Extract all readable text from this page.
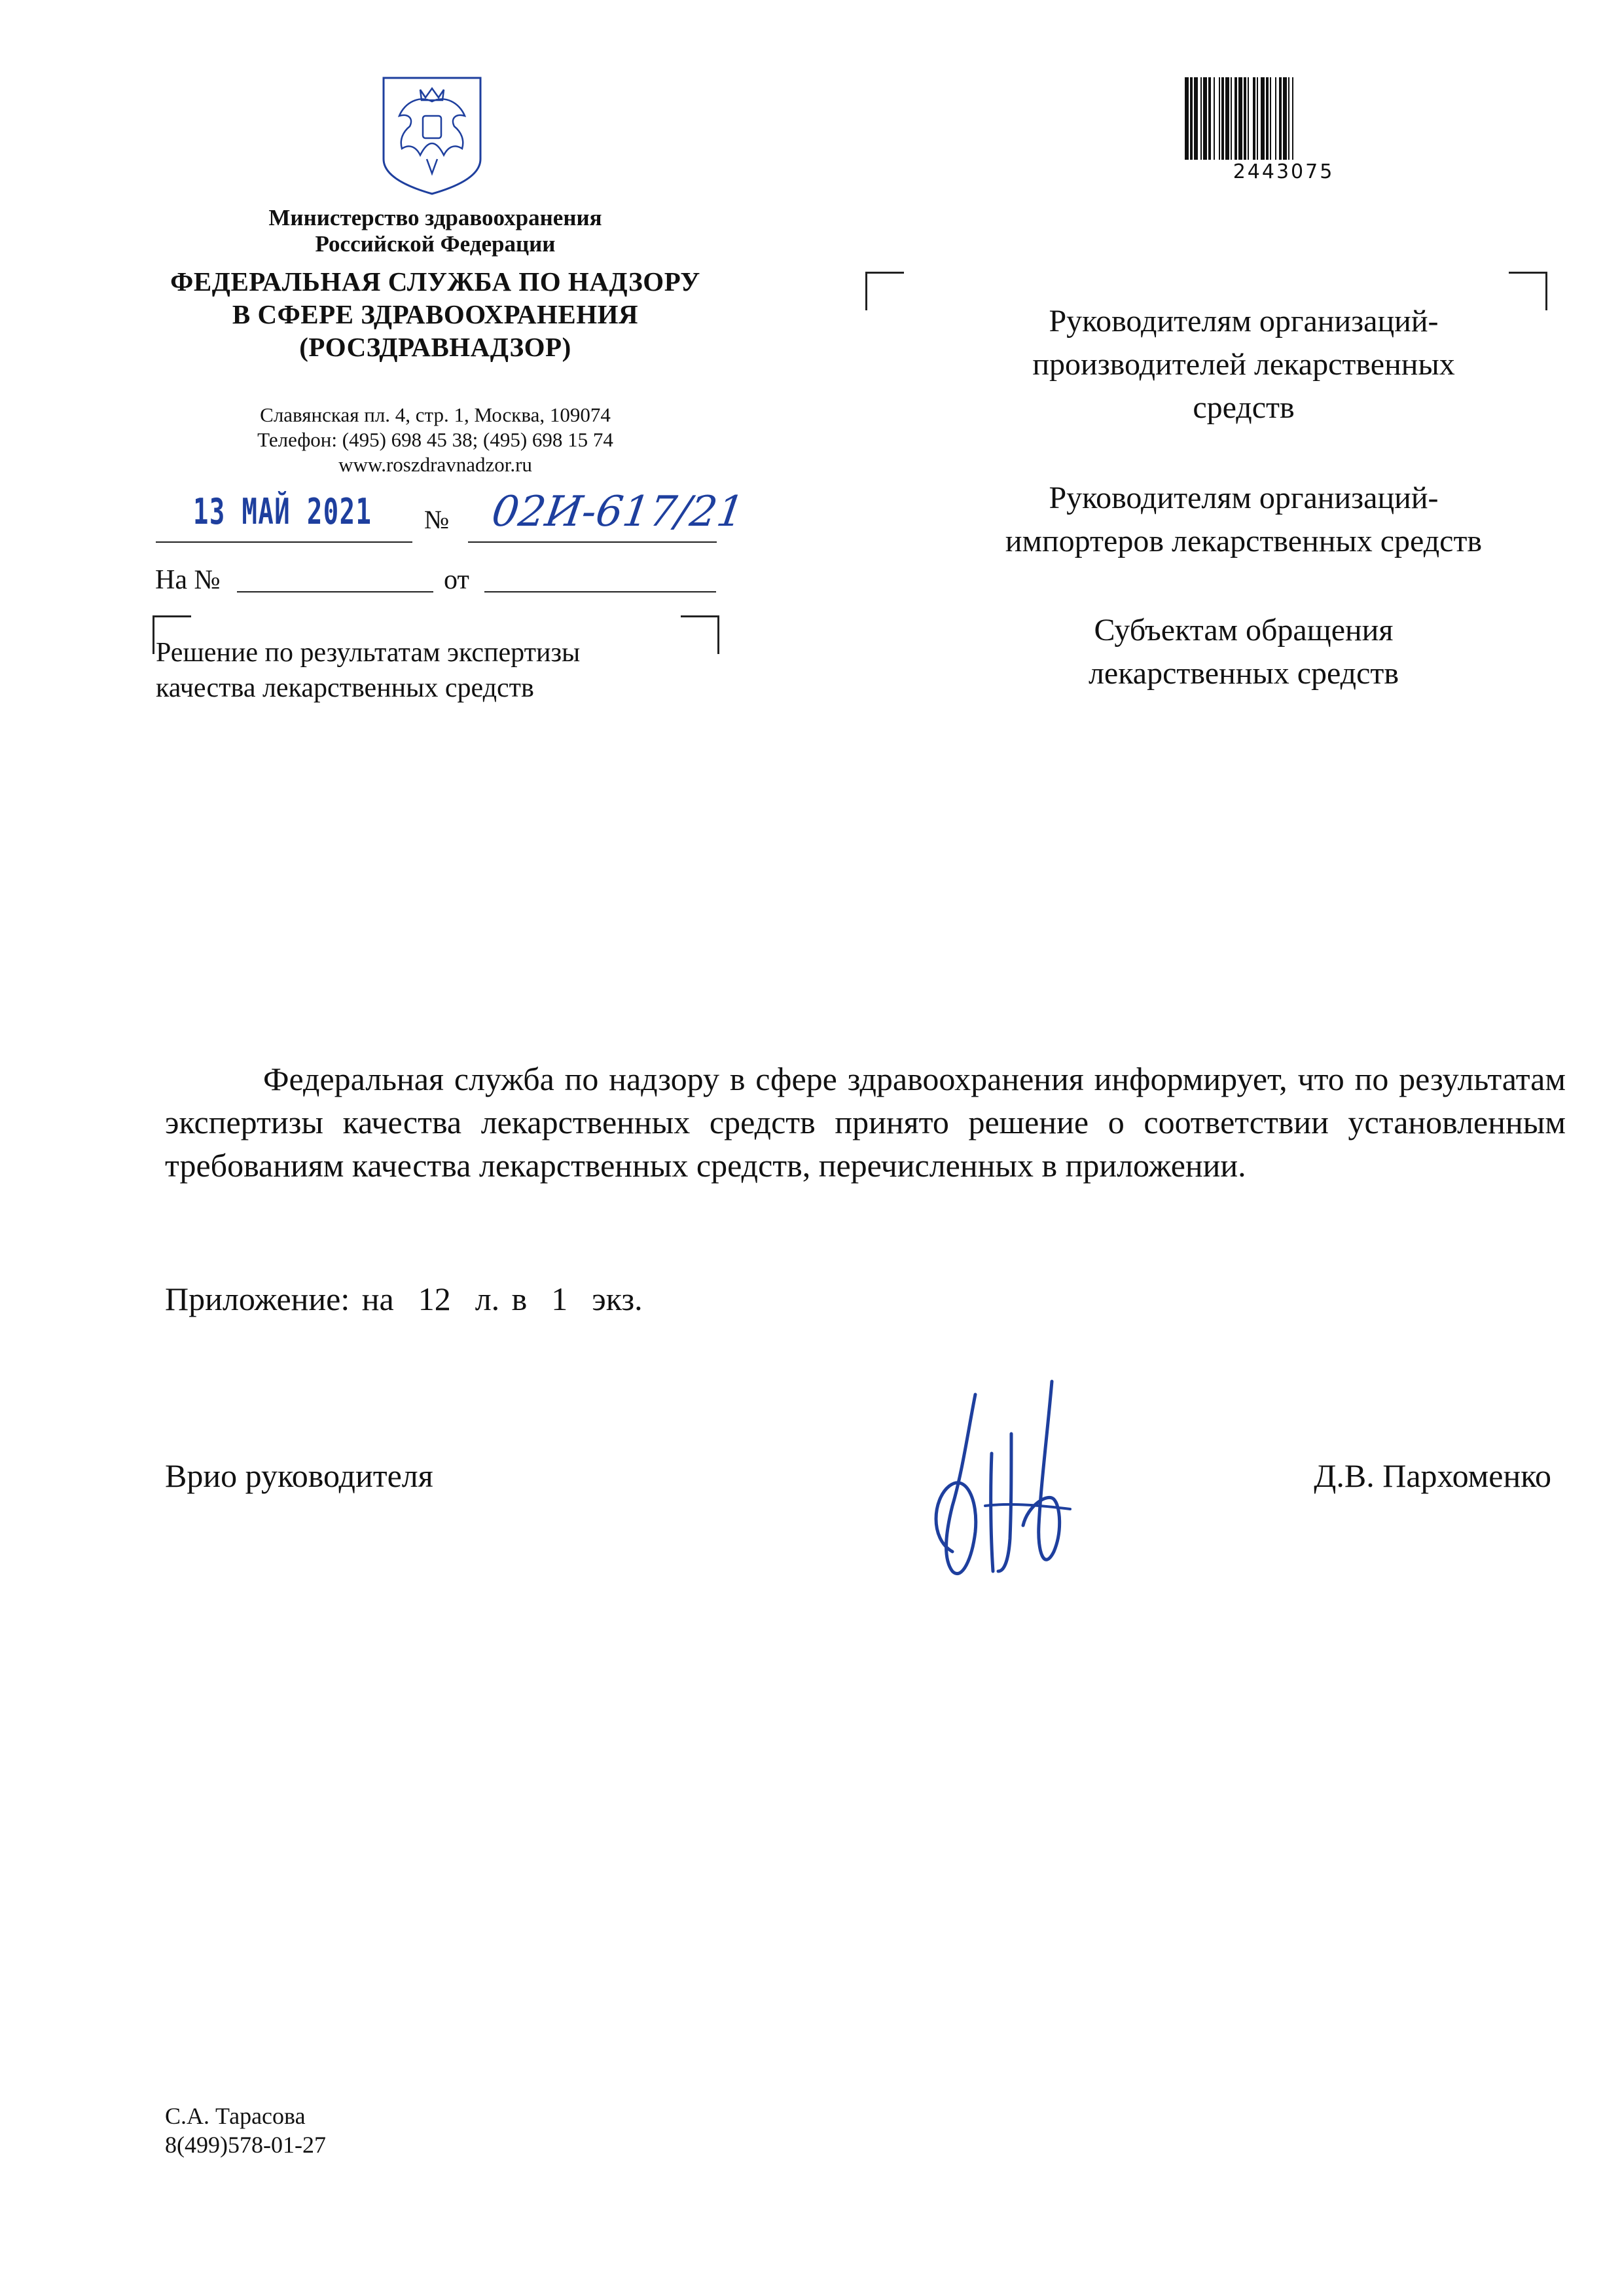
2443075
Министерство здравоохранения
Российской Федерации
ФЕДЕРАЛЬНАЯ СЛУЖБА ПО НАДЗОРУ
В СФЕРЕ ЗДРАВООХРАНЕНИЯ
(РОСЗДРАВНАДЗОР)
Славянская пл. 4, стр. 1, Москва, 109074
Телефон: (495) 698 45 38; (495) 698 15 74
www.roszdravnadzor.ru
13 МАЙ 2021 № 02И-617/21
На №	от
Решение по результатам экспертизы
качества лекарственных средств
Руководителям организаций-
производителей лекарственных
средств
Руководителям организаций-
импортеров лекарственных средств
Субъектам обращения
лекарственных средств
Федеральная служба по надзору в сфере здравоохранения информирует, что по результатам экспертизы качества лекарственных средств принято решение о соответствии установленным требованиям качества лекарственных средств, перечисленных в приложении.
Приложение: на  12  л. в  1  экз.
Врио руководителя	Д.В. Пархоменко
С.А. Тарасова
8(499)578-01-27
